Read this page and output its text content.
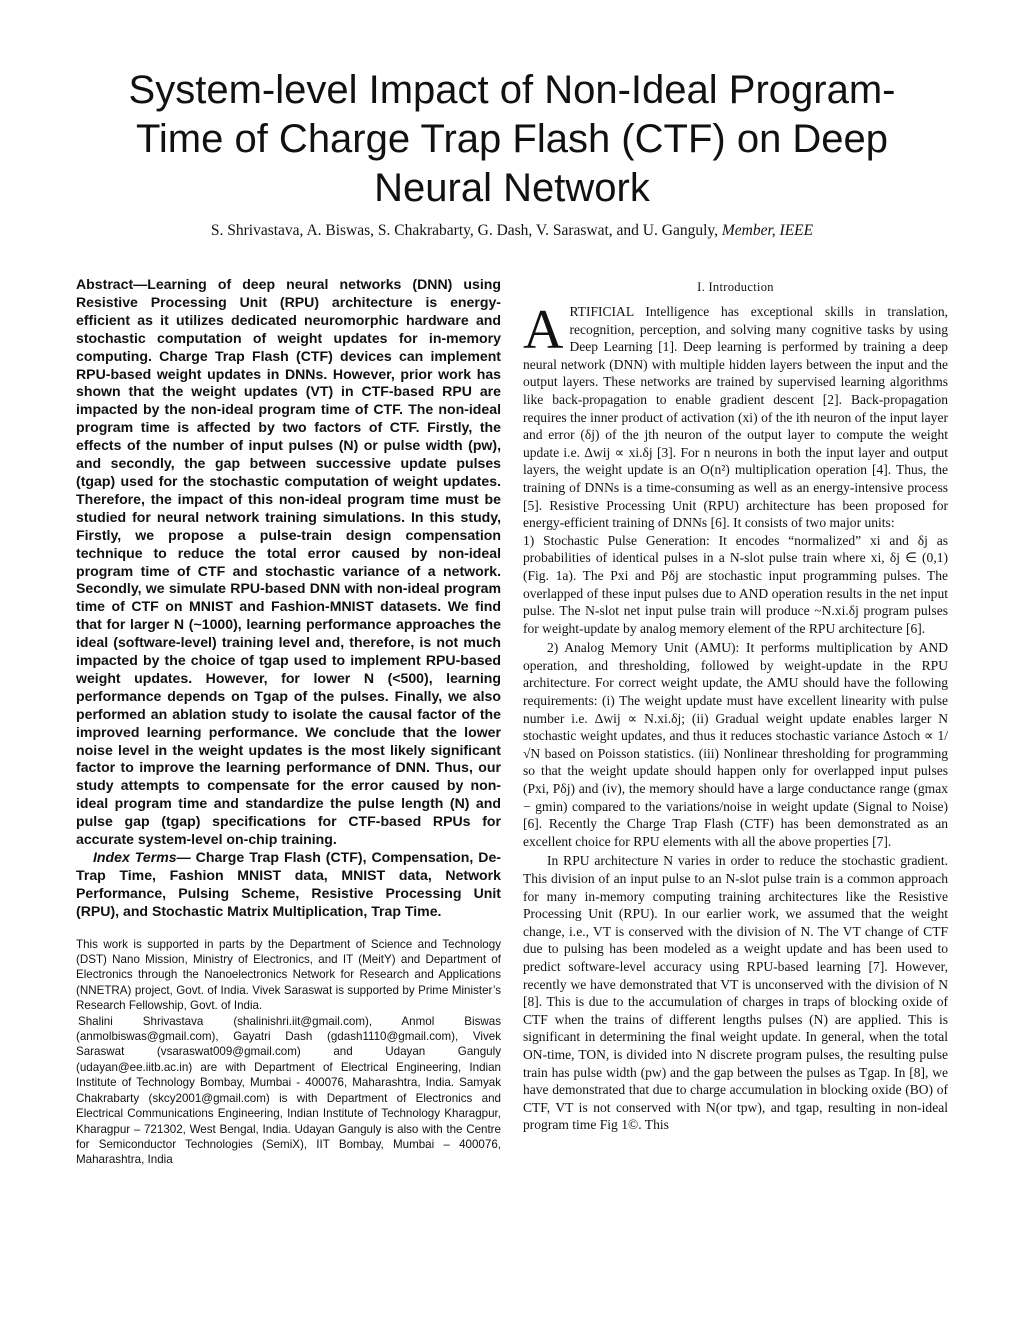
System-level Impact of Non-Ideal Program-Time of Charge Trap Flash (CTF) on Deep Neural Network
S. Shrivastava, A. Biswas, S. Chakrabarty, G. Dash, V. Saraswat, and U. Ganguly, Member, IEEE

Abstract—Learning of deep neural networks (DNN) using Resistive Processing Unit (RPU) architecture is energy-efficient as it utilizes dedicated neuromorphic hardware and stochastic computation of weight updates for in-memory computing. Charge Trap Flash (CTF) devices can implement RPU-based weight updates in DNNs. However, prior work has shown that the weight updates (VT) in CTF-based RPU are impacted by the non-ideal program time of CTF. The non-ideal program time is affected by two factors of CTF. Firstly, the effects of the number of input pulses (N) or pulse width (pw), and secondly, the gap between successive update pulses (tgap) used for the stochastic computation of weight updates. Therefore, the impact of this non-ideal program time must be studied for neural network training simulations. In this study, Firstly, we propose a pulse-train design compensation technique to reduce the total error caused by non-ideal program time of CTF and stochastic variance of a network. Secondly, we simulate RPU-based DNN with non-ideal program time of CTF on MNIST and Fashion-MNIST datasets. We find that for larger N (~1000), learning performance approaches the ideal (software-level) training level and, therefore, is not much impacted by the choice of tgap used to implement RPU-based weight updates. However, for lower N (<500), learning performance depends on Tgap of the pulses. Finally, we also performed an ablation study to isolate the causal factor of the improved learning performance. We conclude that the lower noise level in the weight updates is the most likely significant factor to improve the learning performance of DNN. Thus, our study attempts to compensate for the error caused by non-ideal program time and standardize the pulse length (N) and pulse gap (tgap) specifications for CTF-based RPUs for accurate system-level on-chip training.

Index Terms— Charge Trap Flash (CTF), Compensation, De-Trap Time, Fashion MNIST data, MNIST data, Network Performance, Pulsing Scheme, Resistive Processing Unit (RPU), and Stochastic Matrix Multiplication, Trap Time.

This work is supported in parts by the Department of Science and Technology (DST) Nano Mission, Ministry of Electronics, and IT (MeitY) and Department of Electronics through the Nanoelectronics Network for Research and Applications (NNETRA) project, Govt. of India. Vivek Saraswat is supported by Prime Minister’s Research Fellowship, Govt. of India.

Shalini Shrivastava (shalinishri.iit@gmail.com), Anmol Biswas (anmolbiswas@gmail.com), Gayatri Dash (gdash1110@gmail.com), Vivek Saraswat (vsaraswat009@gmail.com) and Udayan Ganguly (udayan@ee.iitb.ac.in) are with Department of Electrical Engineering, Indian Institute of Technology Bombay, Mumbai - 400076, Maharashtra, India. Samyak Chakrabarty (skcy2001@gmail.com) is with Department of Electronics and Electrical Communications Engineering, Indian Institute of Technology Kharagpur, Kharagpur – 721302, West Bengal, India. Udayan Ganguly is also with the Centre for Semiconductor Technologies (SemiX), IIT Bombay, Mumbai – 400076, Maharashtra, India

I. Introduction

ARTIFICIAL Intelligence has exceptional skills in translation, recognition, perception, and solving many cognitive tasks by using Deep Learning [1]. Deep learning is performed by training a deep neural network (DNN) with multiple hidden layers between the input and the output layers. These networks are trained by supervised learning algorithms like back-propagation to enable gradient descent [2]. Back-propagation requires the inner product of activation (xi) of the ith neuron of the input layer and error (δj) of the jth neuron of the output layer to compute the weight update i.e. Δwij ∝ xi.δj [3]. For n neurons in both the input layer and output layers, the weight update is an O(n²) multiplication operation [4]. Thus, the training of DNNs is a time-consuming as well as an energy-intensive process [5]. Resistive Processing Unit (RPU) architecture has been proposed for energy-efficient training of DNNs [6]. It consists of two major units:

1) Stochastic Pulse Generation: It encodes “normalized” xi and δj as probabilities of identical pulses in a N-slot pulse train where xi, δj ∈ (0,1) (Fig. 1a). The Pxi and Pδj are stochastic input programming pulses. The overlapped of these input pulses due to AND operation results in the net input pulse. The N-slot net input pulse train will produce ~N.xi.δj program pulses for weight-update by analog memory element of the RPU architecture [6].

2) Analog Memory Unit (AMU): It performs multiplication by AND operation, and thresholding, followed by weight-update in the RPU architecture. For correct weight update, the AMU should have the following requirements: (i) The weight update must have excellent linearity with pulse number i.e. Δwij ∝ N.xi.δj; (ii) Gradual weight update enables larger N stochastic weight updates, and thus it reduces stochastic variance Δstoch ∝ 1/√N based on Poisson statistics. (iii) Nonlinear thresholding for programming so that the weight update should happen only for overlapped input pulses (Pxi, Pδj) and (iv), the memory should have a large conductance range (gmax − gmin) compared to the variations/noise in weight update (Signal to Noise) [6]. Recently the Charge Trap Flash (CTF) has been demonstrated as an excellent choice for RPU elements with all the above properties [7].

In RPU architecture N varies in order to reduce the stochastic gradient. This division of an input pulse to an N-slot pulse train is a common approach for many in-memory computing training architectures like the Resistive Processing Unit (RPU). In our earlier work, we assumed that the weight change, i.e., VT is conserved with the division of N. The VT change of CTF due to pulsing has been modeled as a weight update and has been used to predict software-level accuracy using RPU-based learning [7]. However, recently we have demonstrated that VT is unconserved with the division of N [8]. This is due to the accumulation of charges in traps of blocking oxide of CTF when the trains of different lengths pulses (N) are applied. This is significant in determining the final weight update. In general, when the total ON-time, TON, is divided into N discrete program pulses, the resulting pulse train has pulse width (pw) and the gap between the pulses as Tgap. In [8], we have demonstrated that due to charge accumulation in blocking oxide (BO) of CTF, VT is not conserved with N(or tpw), and tgap, resulting in non-ideal program time Fig 1©. This
